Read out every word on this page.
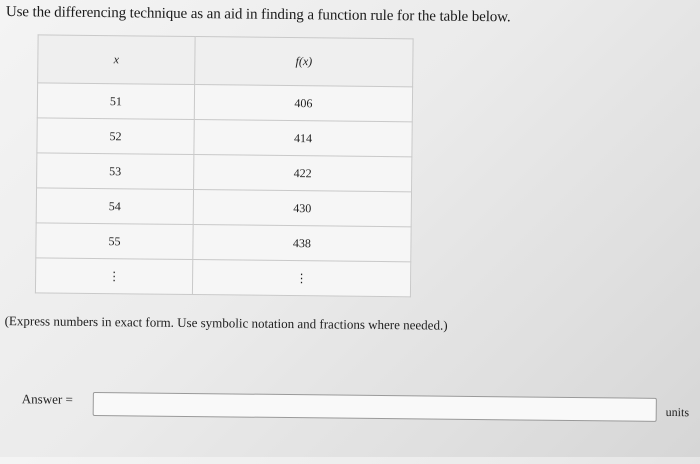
Use the differencing technique as an aid in finding a function rule for the table below.
x	f(x)
51	406
52	414
53	422
54	430
55	438
⋮	⋮
(Express numbers in exact form. Use symbolic notation and fractions where needed.)
Answer =
units
